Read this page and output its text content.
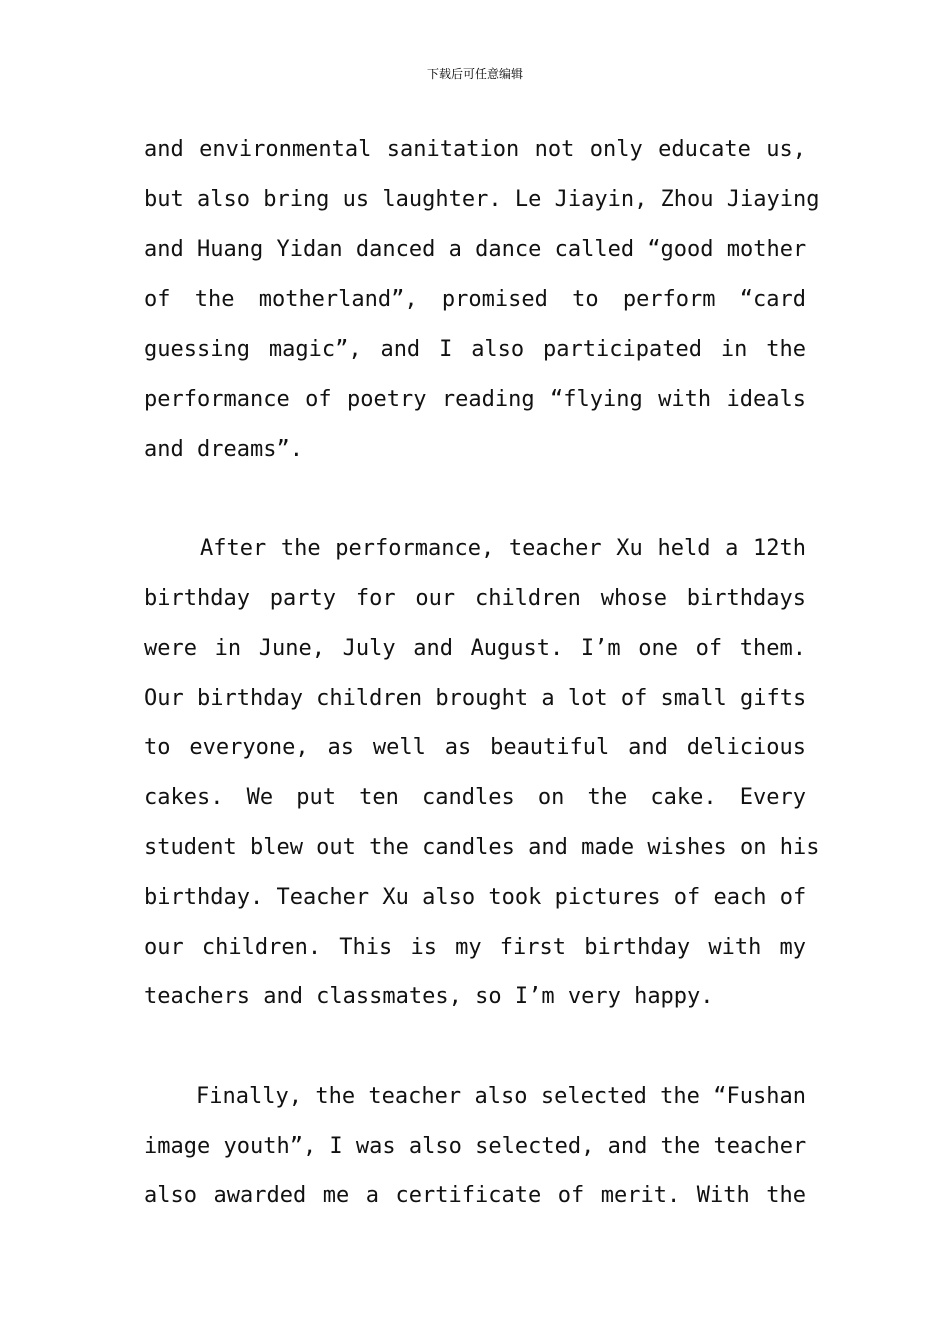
下载后可任意编辑
and environmental sanitation not only educate us,
but also bring us laughter. Le Jiayin, Zhou Jiaying
and Huang Yidan danced a dance called “good mother
of the motherland”, promised to perform “card
guessing magic”, and I also participated in the
performance of poetry reading “flying with ideals
and dreams”.
After the performance, teacher Xu held a 12th
birthday party for our children whose birthdays
were in June, July and August. I’m one of them.
Our birthday children brought a lot of small gifts
to everyone, as well as beautiful and delicious
cakes. We put ten candles on the cake. Every
student blew out the candles and made wishes on his
birthday. Teacher Xu also took pictures of each of
our children. This is my first birthday with my
teachers and classmates, so I’m very happy.
Finally, the teacher also selected the “Fushan
image youth”, I was also selected, and the teacher
also awarded me a certificate of merit. With the
